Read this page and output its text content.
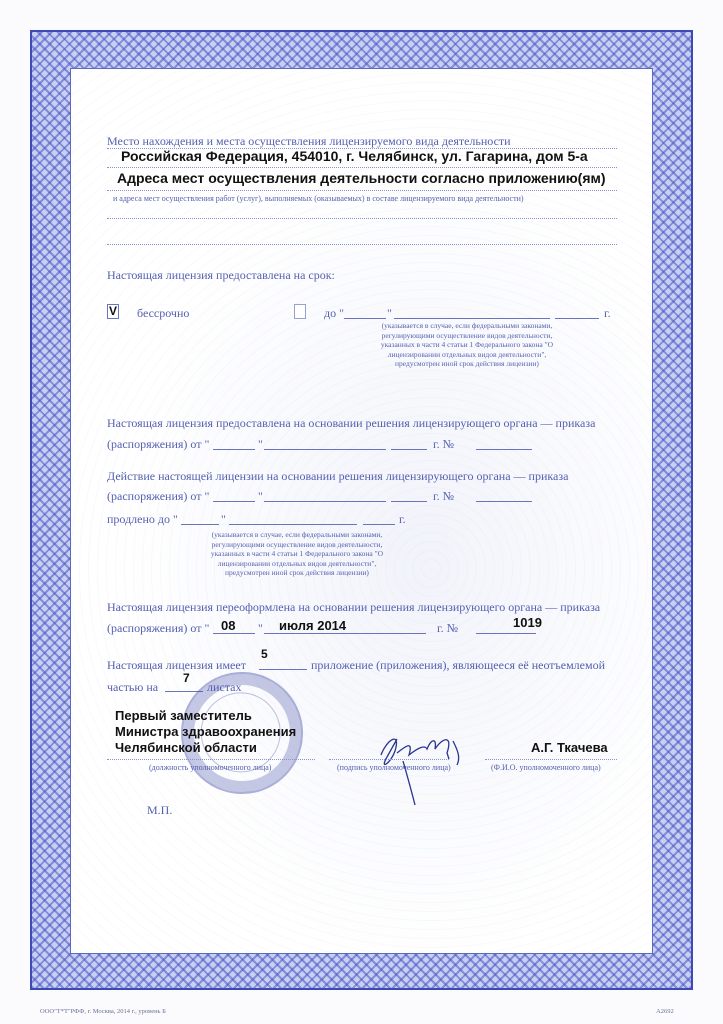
Место нахождения и места осуществления лицензируемого вида деятельности
Российская Федерация, 454010, г. Челябинск, ул. Гагарина, дом 5-а
Адреса мест осуществления деятельности согласно приложению(ям)
и адреса мест осуществления работ (услуг), выполняемых (оказываемых) в составе лицензируемого вида деятельности)
Настоящая лицензия предоставлена на срок:
V бессрочно	до "	"	г.
(указывается в случае, если федеральными законами, регулирующими осуществление видов деятельности, указанных в части 4 статьи 1 Федерального закона "О лицензировании отдельных видов деятельности", предусмотрен иной срок действия лицензии)
Настоящая лицензия предоставлена на основании решения лицензирующего органа — приказа
(распоряжения) от "	"	г. №
Действие настоящей лицензии на основании решения лицензирующего органа — приказа
(распоряжения) от "	"	г. №
продлено до "	"	г.
(указывается в случае, если федеральными законами, регулирующими осуществление видов деятельности, указанных в части 4 статьи 1 Федерального закона "О лицензировании отдельных видов деятельности", предусмотрен иной срок действия лицензии)
Настоящая лицензия переоформлена на основании решения лицензирующего органа — приказа
(распоряжения) от " 08 " июля 2014	г. №	1019
5
Настоящая лицензия имеет	приложение (приложения), являющееся её неотъемлемой
7
частью на	листах
Первый заместитель
Министра здравоохранения
Челябинской области
(должность уполномоченного лица)	(подпись уполномоченного лица)
А.Г. Ткачева
(Ф.И.О. уполномоченного лица)
М.П.
ООО"Т*Т"РФФ, г. Москва, 2014 г., уровень Б	А2692
